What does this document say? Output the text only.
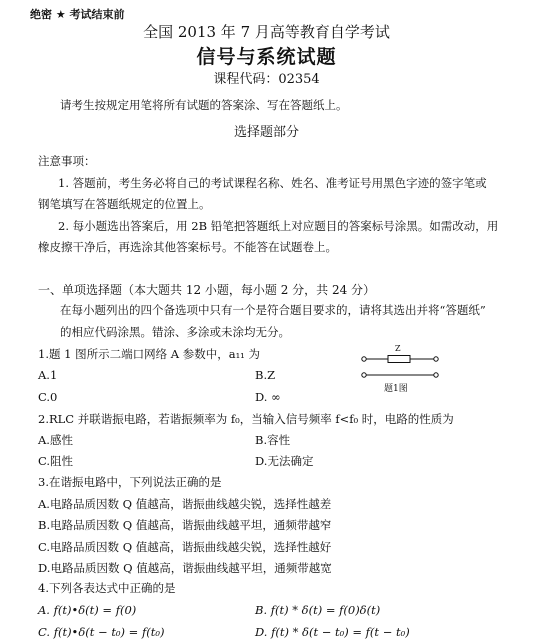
绝密 ★ 考试结束前
全国 2013 年 7 月高等教育自学考试
信号与系统试题
课程代码：02354
请考生按规定用笔将所有试题的答案涂、写在答题纸上。
选择题部分
注意事项：
1. 答题前，考生务必将自己的考试课程名称、姓名、准考证号用黑色字迹的签字笔或
钢笔填写在答题纸规定的位置上。
2. 每小题选出答案后，用 2B 铅笔把答题纸上对应题目的答案标号涂黑。如需改动，用
橡皮擦干净后，再选涂其他答案标号。不能答在试题卷上。
一、单项选择题（本大题共 12 小题，每小题 2 分，共 24 分）
在每小题列出的四个备选项中只有一个是符合题目要求的，请将其选出并将“答题纸”
的相应代码涂黑。错涂、多涂或未涂均无分。
1.题 1 图所示二端口网络 A 参数中，a₁₁ 为
A.1	B.Z
C.0	D. ∞
Z
题1图
2.RLC 并联谐振电路，若谐振频率为 f₀，当输入信号频率 f<f₀ 时，电路的性质为
A.感性	B.容性
C.阻性	D.无法确定
3.在谐振电路中，下列说法正确的是
A.电路品质因数 Q 值越高，谐振曲线越尖锐，选择性越差
B.电路品质因数 Q 值越高，谐振曲线越平坦，通频带越窄
C.电路品质因数 Q 值越高，谐振曲线越尖锐，选择性越好
D.电路品质因数 Q 值越高，谐振曲线越平坦，通频带越宽
4.下列各表达式中正确的是
A. f(t)•δ(t) = f(0)	B. f(t) * δ(t) = f(0)δ(t)
C. f(t)•δ(t − t₀) = f(t₀)	D. f(t) * δ(t − t₀) = f(t − t₀)
